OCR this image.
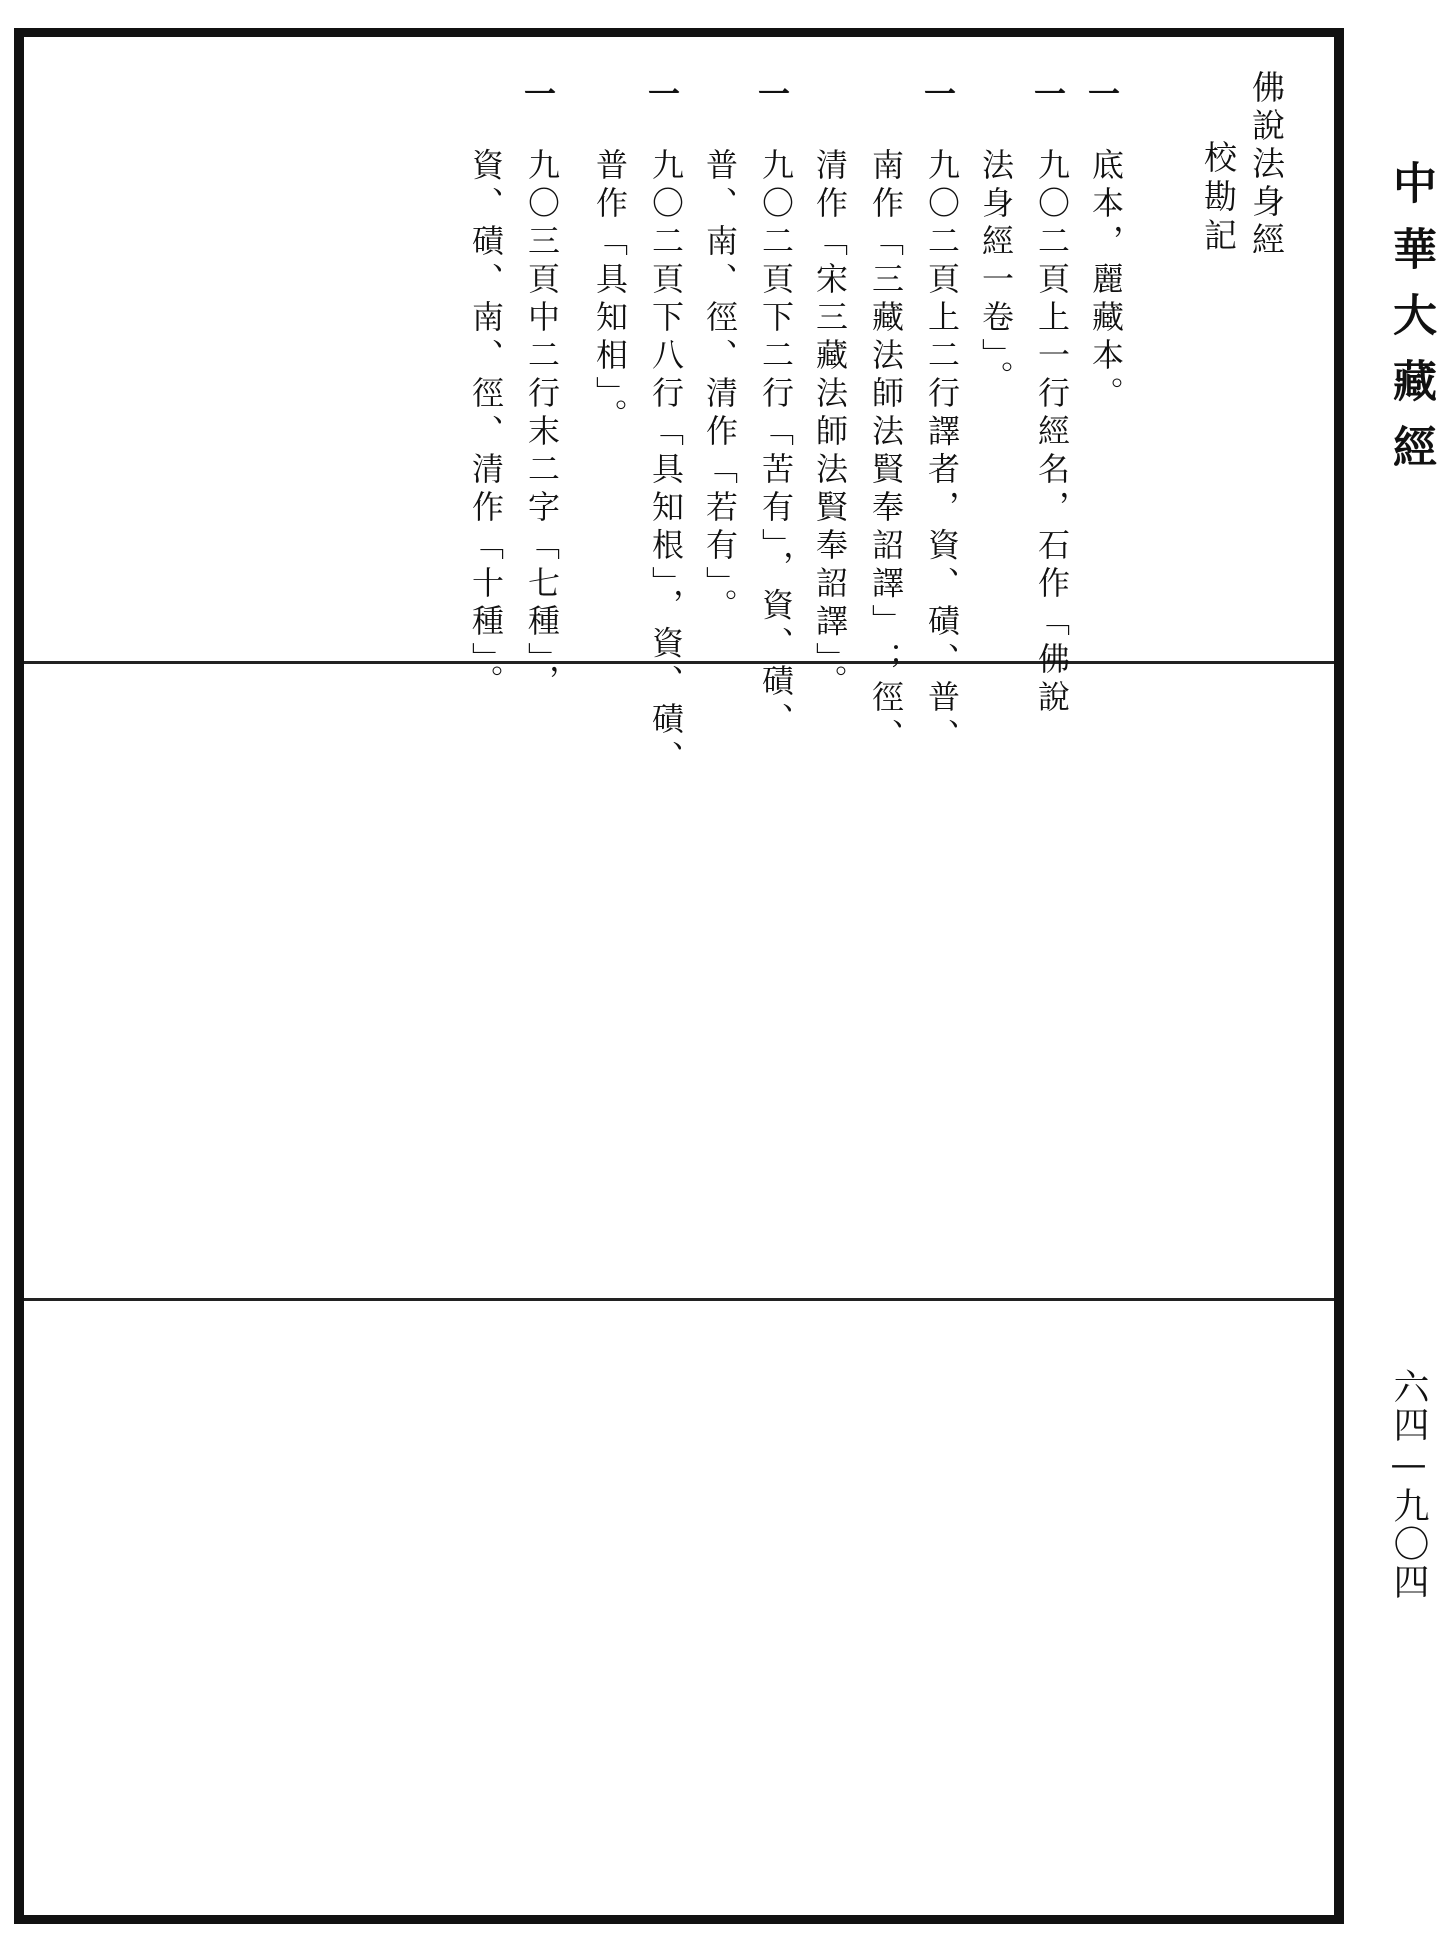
中華大藏經
六四—九〇四
佛說法身經
校勘記
一
一
一
一
一
一
底本，麗藏本。
九〇二頁上一行經名，石作「佛說
法身經一卷」。
九〇二頁上二行譯者，資、磧、普、
南作「三藏法師法賢奉詔譯」；徑、
清作「宋三藏法師法賢奉詔譯」。
九〇二頁下二行「苦有」，資、磧、
普、南、徑、清作「若有」。
九〇二頁下八行「具知根」，資、磧、
普作「具知相」。
九〇三頁中二行末二字「七種」，
資、磧、南、徑、清作「十種」。
